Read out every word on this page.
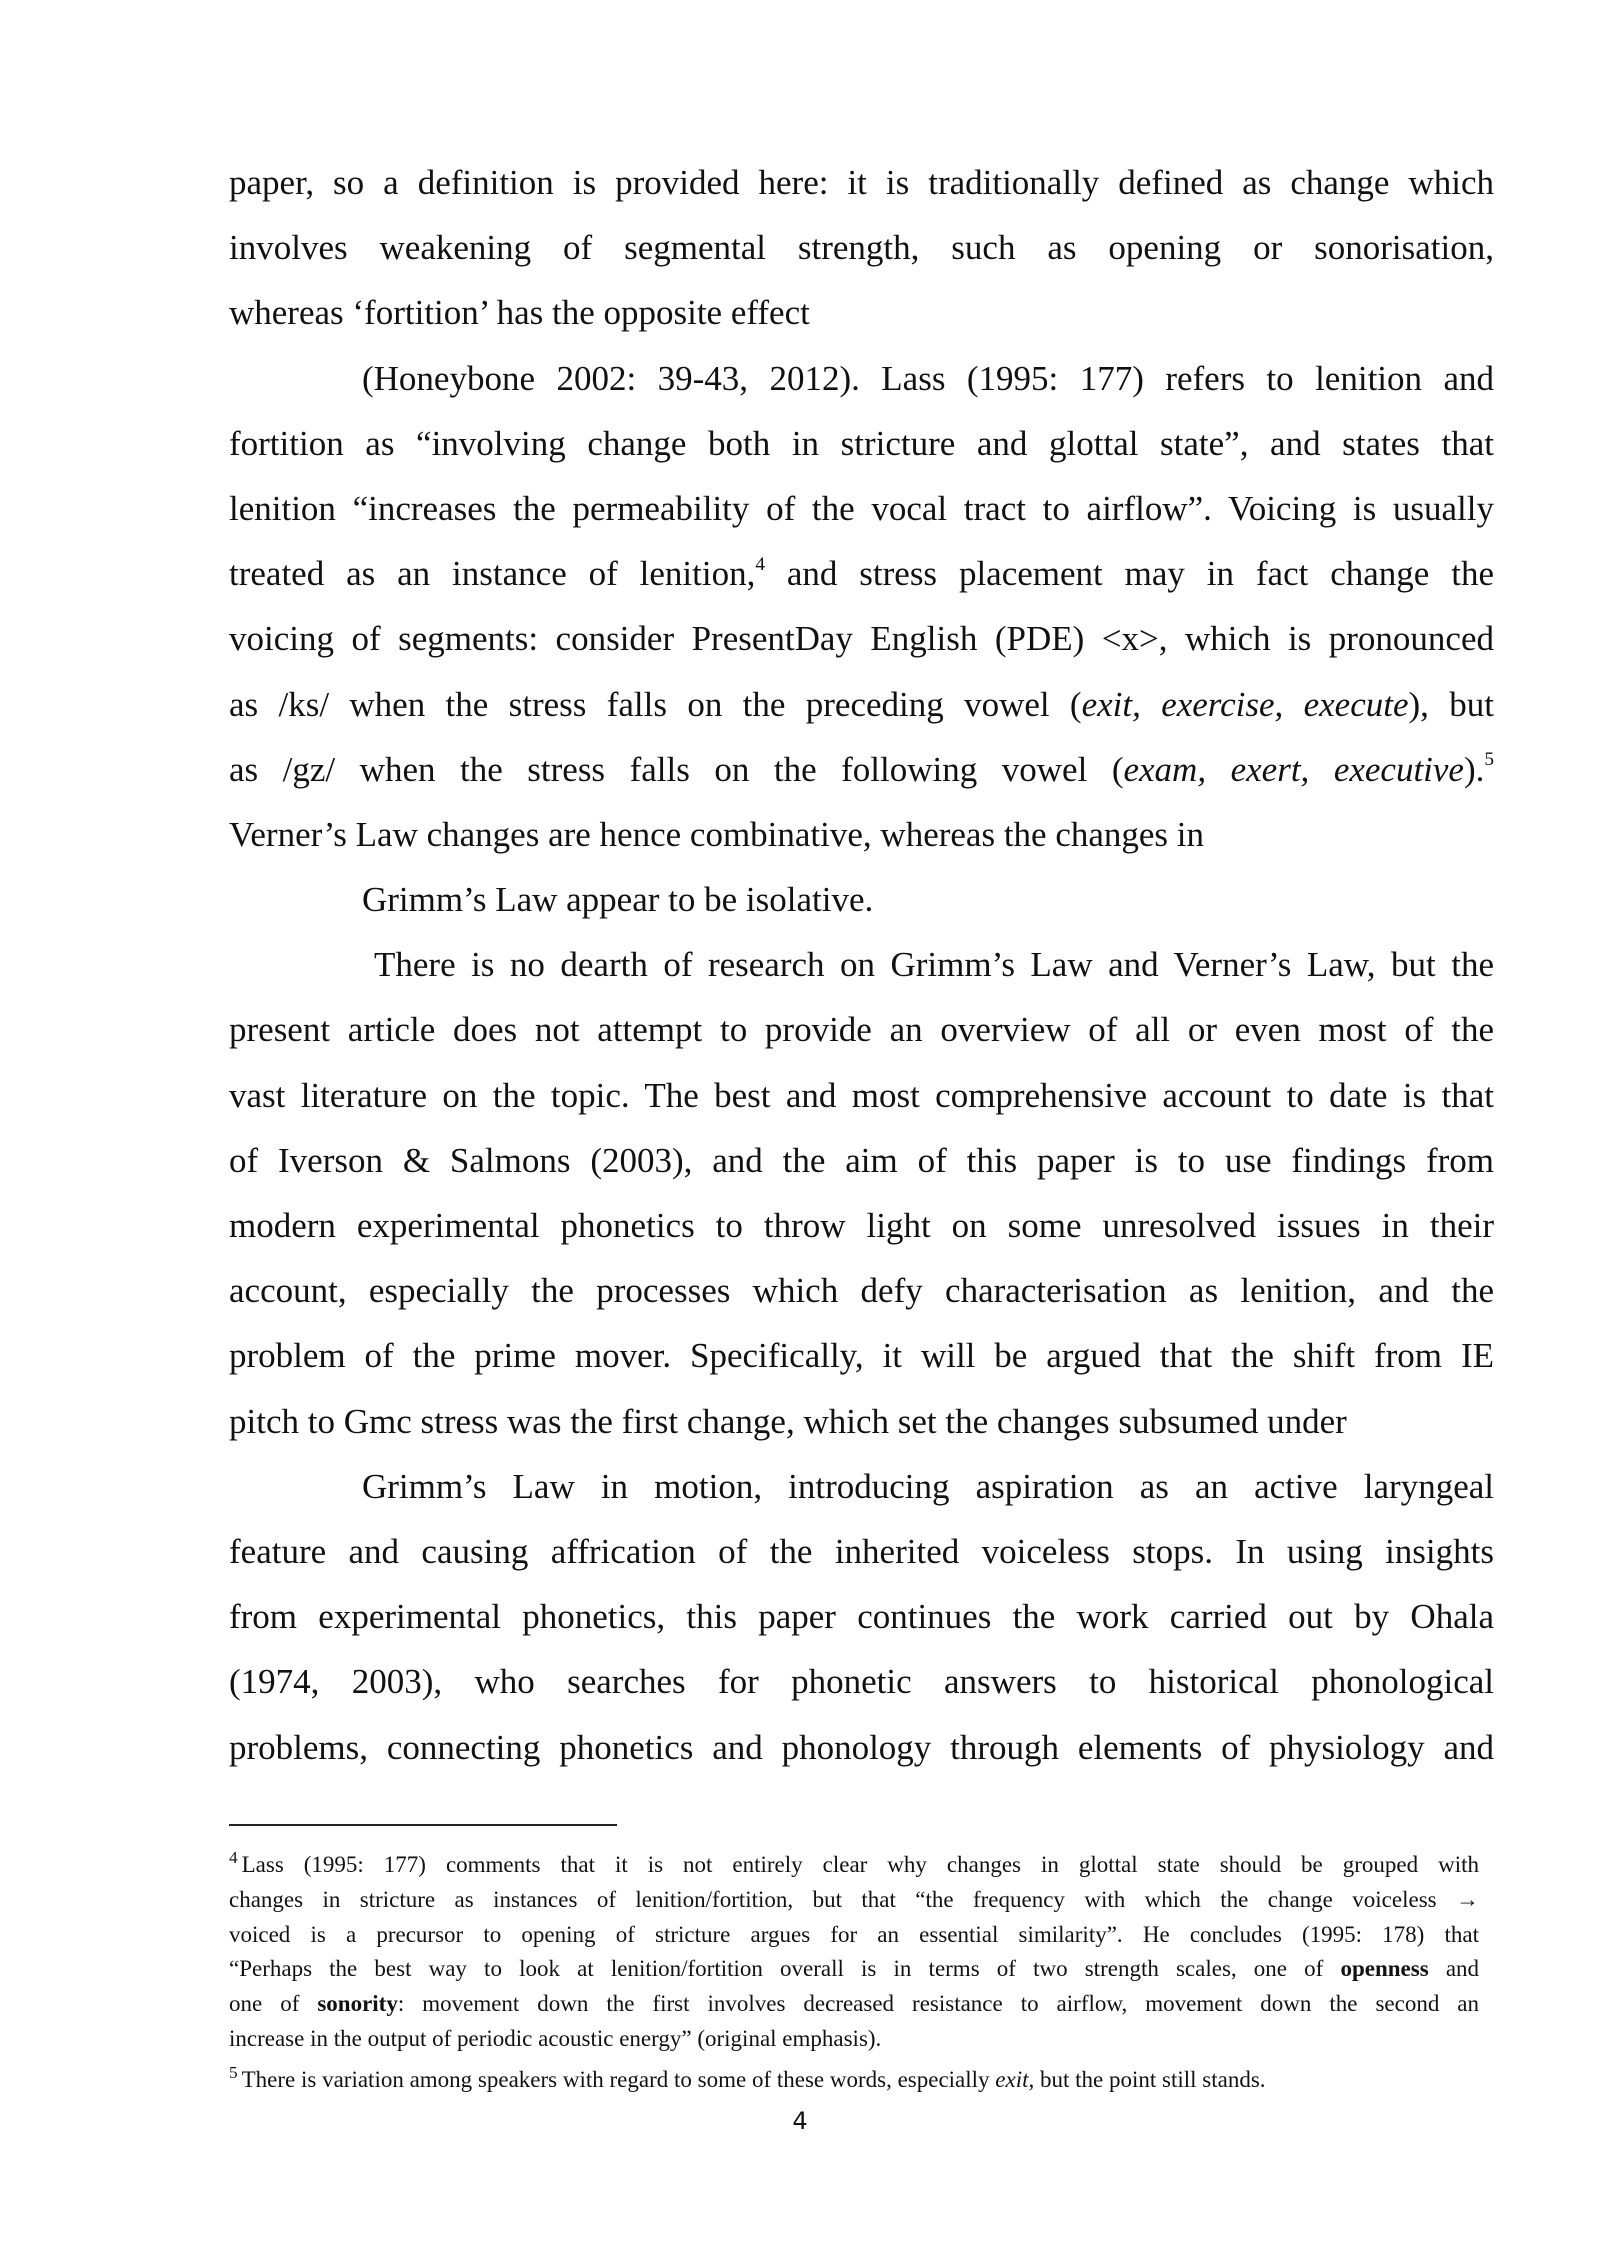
paper, so a definition is provided here: it is traditionally defined as change which
involves weakening of segmental strength, such as opening or sonorisation,
whereas ‘fortition’ has the opposite effect
(Honeybone 2002: 39-43, 2012). Lass (1995: 177) refers to lenition and
fortition as “involving change both in stricture and glottal state”, and states that
lenition “increases the permeability of the vocal tract to airflow”. Voicing is usually
treated as an instance of lenition,$^4$ and stress placement may in fact change the
voicing of segments: consider PresentDay English (PDE) <x>, which is pronounced
as /ks/ when the stress falls on the preceding vowel (exit, exercise, execute), but
as /gz/ when the stress falls on the following vowel (exam, exert, executive).$^5$
Verner’s Law changes are hence combinative, whereas the changes in
Grimm’s Law appear to be isolative.
There is no dearth of research on Grimm’s Law and Verner’s Law, but the
present article does not attempt to provide an overview of all or even most of the
vast literature on the topic. The best and most comprehensive account to date is that
of Iverson & Salmons (2003), and the aim of this paper is to use findings from
modern experimental phonetics to throw light on some unresolved issues in their
account, especially the processes which defy characterisation as lenition, and the
problem of the prime mover. Specifically, it will be argued that the shift from IE
pitch to Gmc stress was the first change, which set the changes subsumed under
Grimm’s Law in motion, introducing aspiration as an active laryngeal
feature and causing affrication of the inherited voiceless stops. In using insights
from experimental phonetics, this paper continues the work carried out by Ohala
(1974, 2003), who searches for phonetic answers to historical phonological
problems, connecting phonetics and phonology through elements of physiology and
$^4$ Lass (1995: 177) comments that it is not entirely clear why changes in glottal state should be grouped with
changes in stricture as instances of lenition/fortition, but that “the frequency with which the change voiceless →
voiced is a precursor to opening of stricture argues for an essential similarity”. He concludes (1995: 178) that
“Perhaps the best way to look at lenition/fortition overall is in terms of two strength scales, one of openness and
one of sonority: movement down the first involves decreased resistance to airflow, movement down the second an
increase in the output of periodic acoustic energy” (original emphasis).
$^5$ There is variation among speakers with regard to some of these words, especially exit, but the point still stands.
4
